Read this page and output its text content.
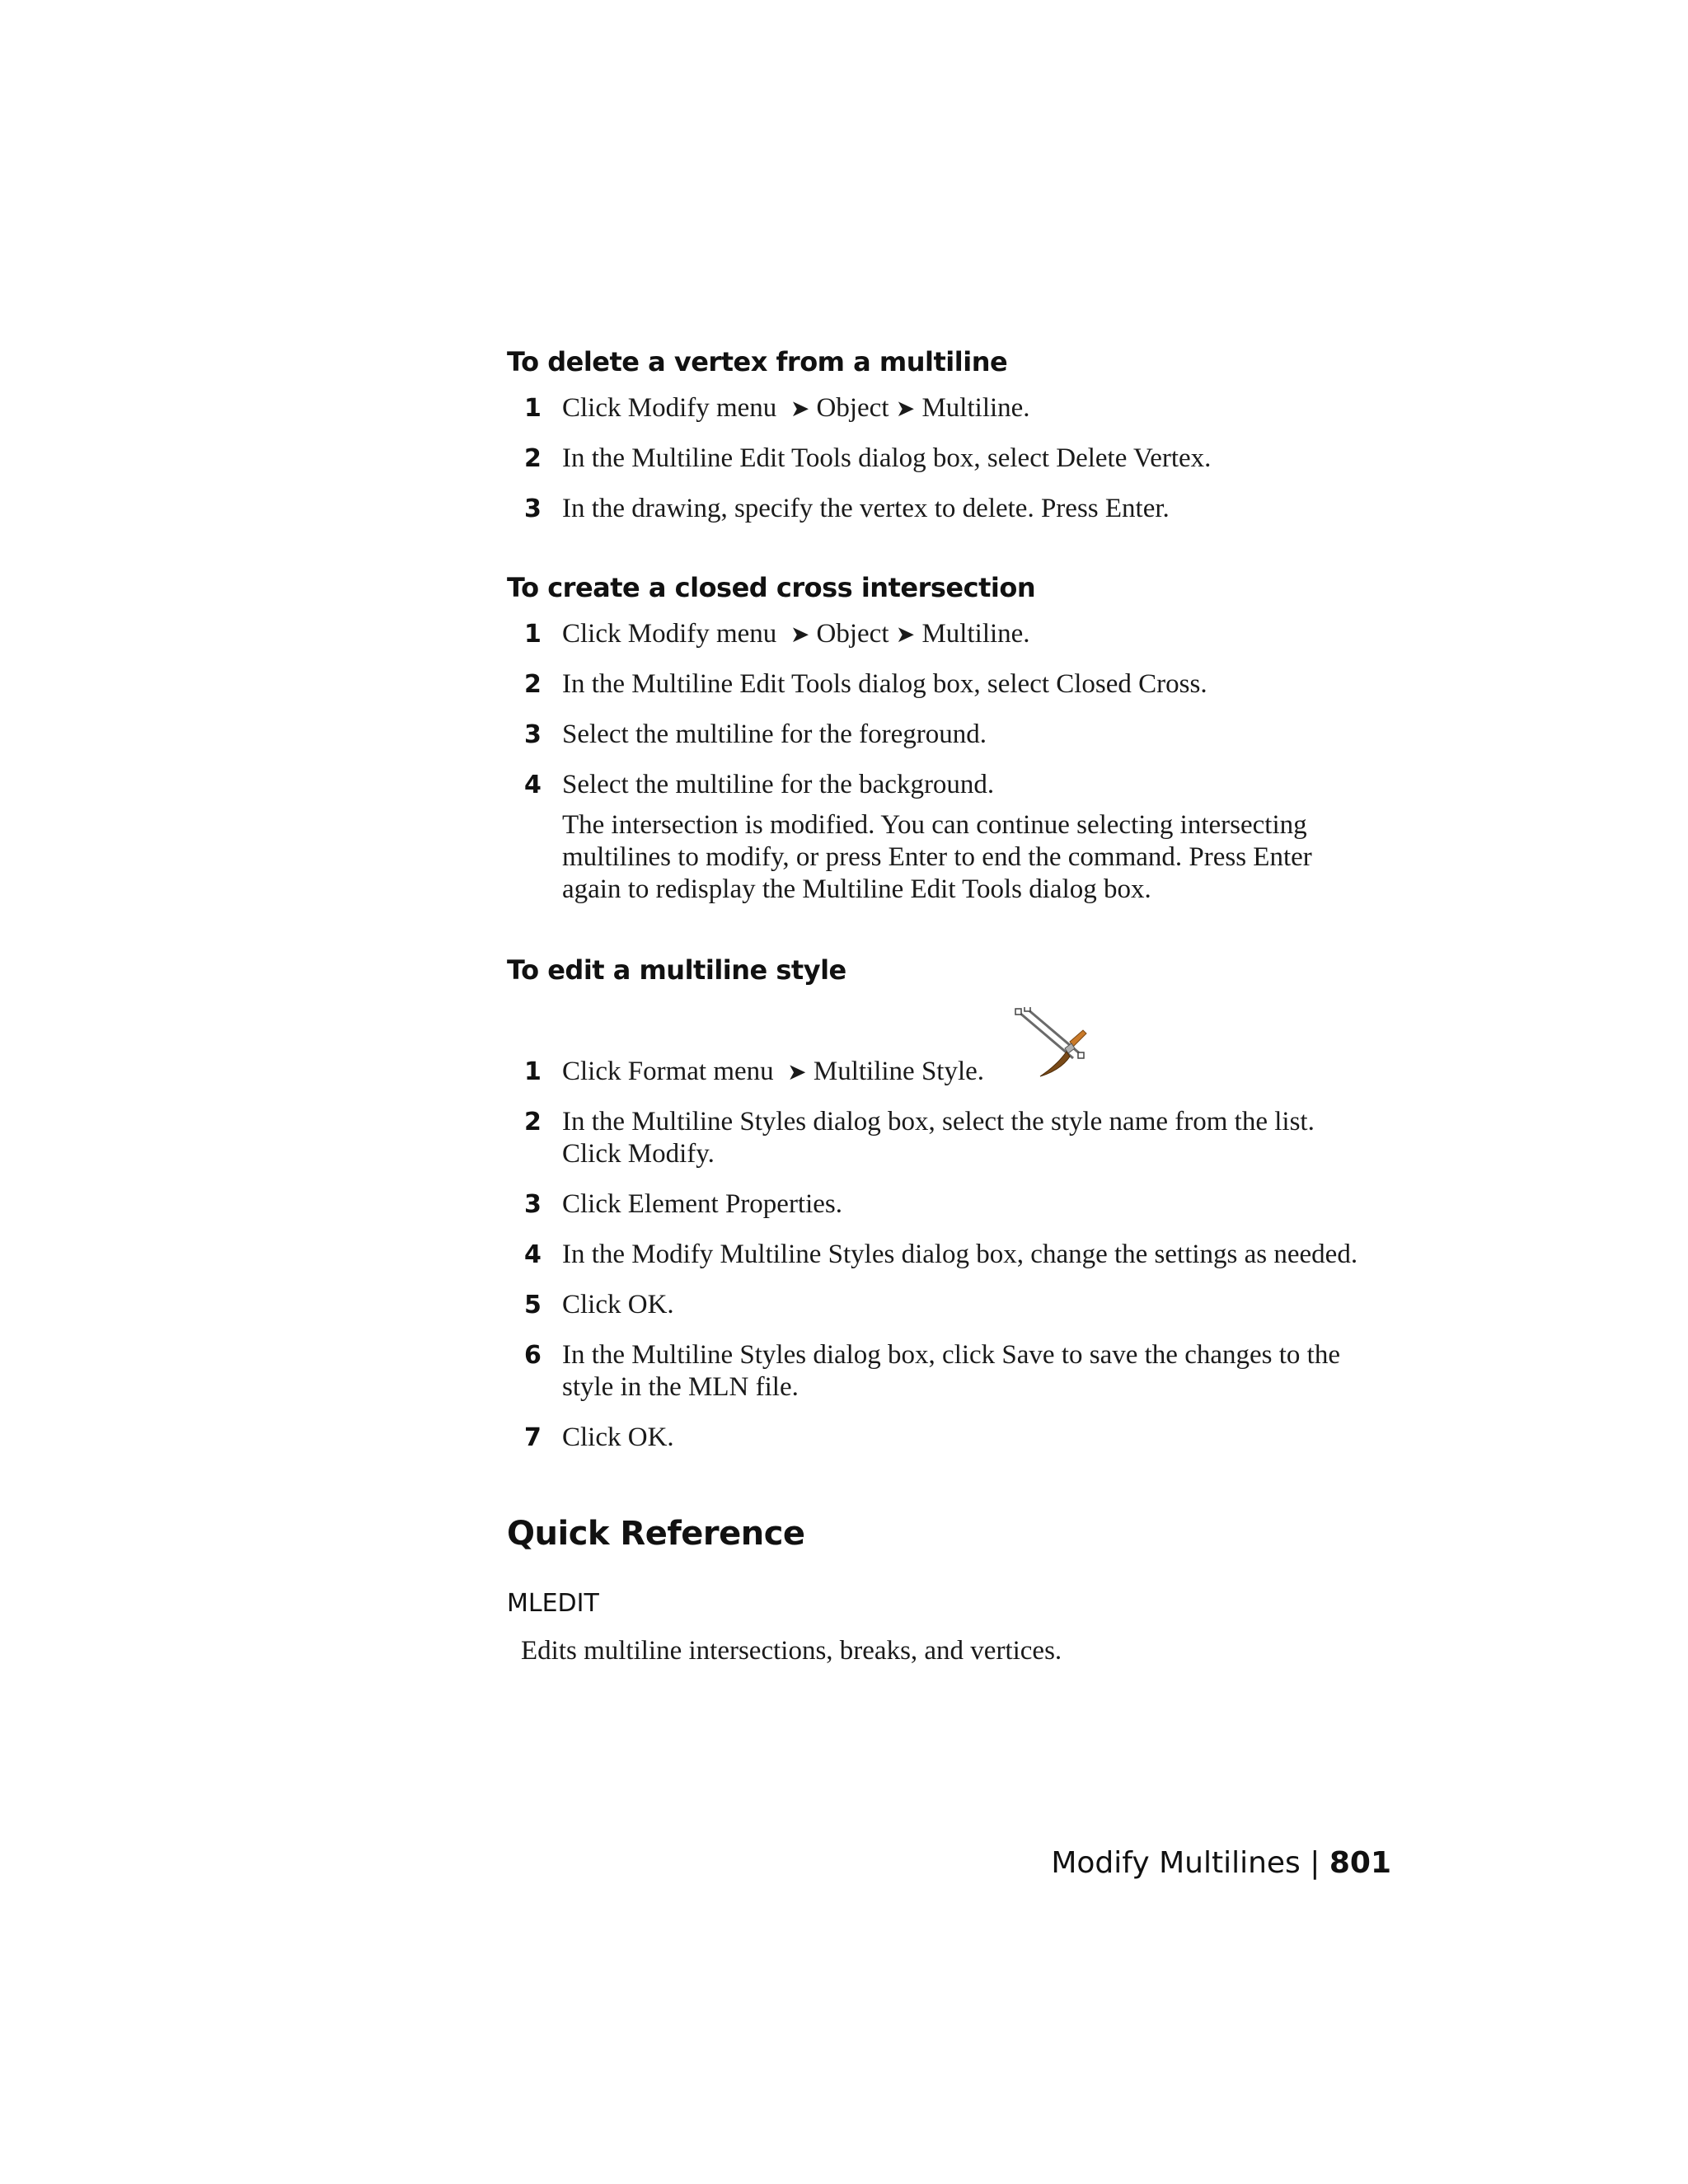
To delete a vertex from a multiline
1 Click Modify menu ➤ Object ➤ Multiline.
2 In the Multiline Edit Tools dialog box, select Delete Vertex.
3 In the drawing, specify the vertex to delete. Press Enter.
To create a closed cross intersection
1 Click Modify menu ➤ Object ➤ Multiline.
2 In the Multiline Edit Tools dialog box, select Closed Cross.
3 Select the multiline for the foreground.
4 Select the multiline for the background.
The intersection is modified. You can continue selecting intersecting
multilines to modify, or press Enter to end the command. Press Enter
again to redisplay the Multiline Edit Tools dialog box.
To edit a multiline style
1 Click Format menu ➤ Multiline Style.
2 In the Multiline Styles dialog box, select the style name from the list.
Click Modify.
3 Click Element Properties.
4 In the Modify Multiline Styles dialog box, change the settings as needed.
5 Click OK.
6 In the Multiline Styles dialog box, click Save to save the changes to the
style in the MLN file.
7 Click OK.
Quick Reference
MLEDIT
Edits multiline intersections, breaks, and vertices.
Modify Multilines | 801
